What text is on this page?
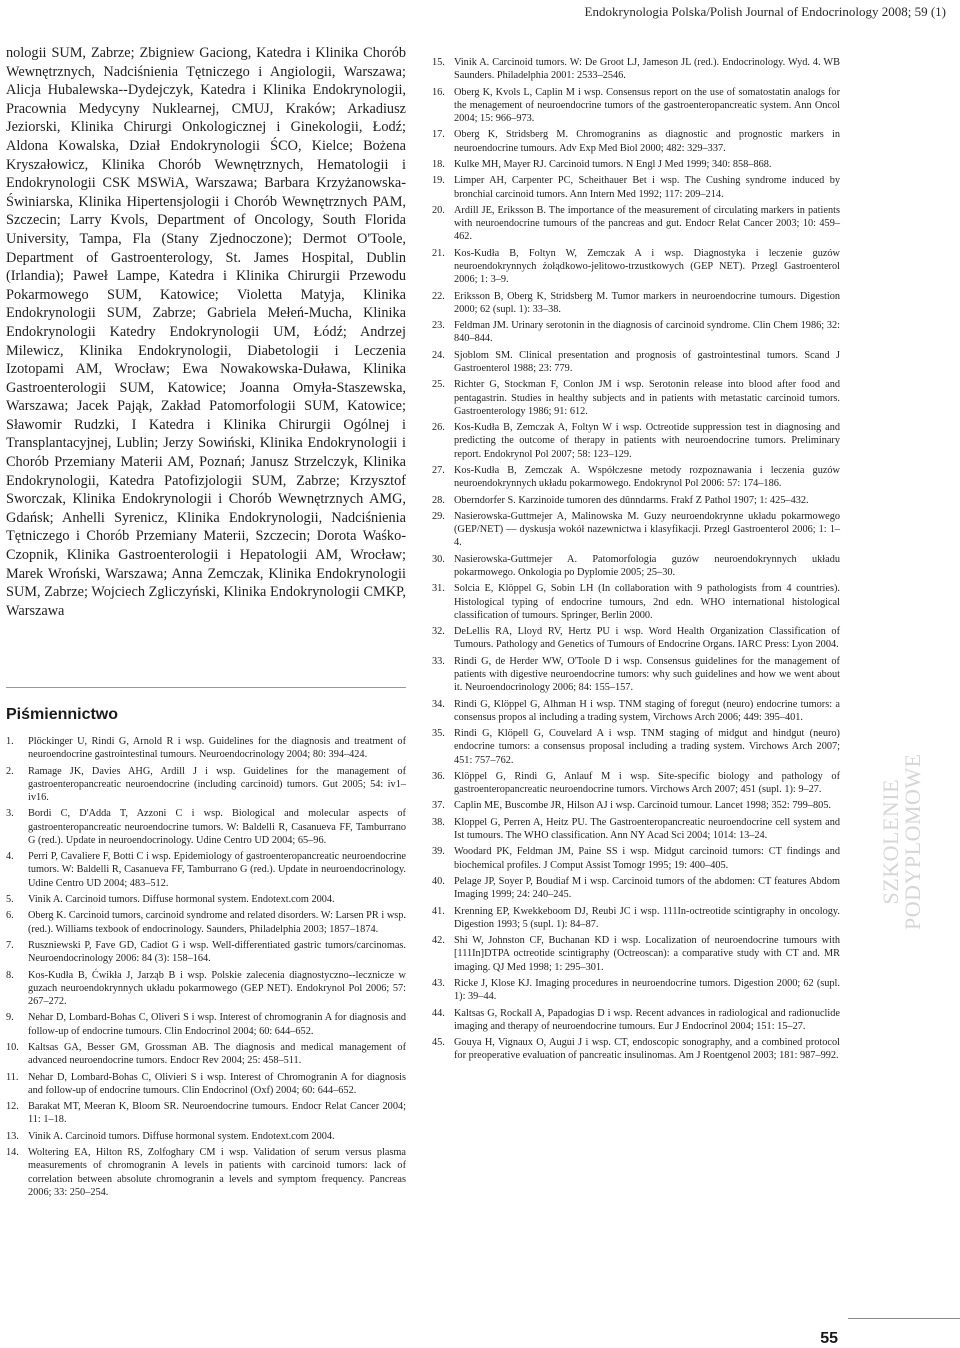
Endokrynologia Polska/Polish Journal of Endocrinology 2008; 59 (1)

nologii SUM, Zabrze; Zbigniew Gaciong, Katedra i Klinika Chorób Wewnętrznych, Nadciśnienia Tętniczego i Angiologii, Warszawa; Alicja Hubalewska--Dydejczyk, Katedra i Klinika Endokrynologii, Pracownia Medycyny Nuklearnej, CMUJ, Kraków; Arkadiusz Jeziorski, Klinika Chirurgi Onkologicznej i Ginekologii, Łodź; Aldona Kowalska, Dział Endokrynologii ŚCO, Kielce; Bożena Kryszałowicz, Klinika Chorób Wewnętrznych, Hematologii i Endokrynologii CSK MSWiA, Warszawa; Barbara Krzyżanowska-Świniarska, Klinika Hipertensjologii i Chorób Wewnętrznych PAM, Szczecin; Larry Kvols, Department of Oncology, South Florida University, Tampa, Fla (Stany Zjednoczone); Dermot O'Toole, Department of Gastroenterology, St. James Hospital, Dublin (Irlandia); Paweł Lampe, Katedra i Klinika Chirurgii Przewodu Pokarmowego SUM, Katowice; Violetta Matyja, Klinika Endokrynologii SUM, Zabrze; Gabriela Mełeń-Mucha, Klinika Endokrynologii Katedry Endokrynologii UM, Łódź; Andrzej Milewicz, Klinika Endokrynologii, Diabetologii i Leczenia Izotopami AM, Wrocław; Ewa Nowakowska-Duława, Klinika Gastroenterologii SUM, Katowice; Joanna Omyła-Staszewska, Warszawa; Jacek Pająk, Zakład Patomorfologii SUM, Katowice; Sławomir Rudzki, I Katedra i Klinika Chirurgii Ogólnej i Transplantacyjnej, Lublin; Jerzy Sowiński, Klinika Endokrynologii i Chorób Przemiany Materii AM, Poznań; Janusz Strzelczyk, Klinika Endokrynologii, Katedra Patofizjologii SUM, Zabrze; Krzysztof Sworczak, Klinika Endokrynologii i Chorób Wewnętrznych AMG, Gdańsk; Anhelli Syrenicz, Klinika Endokrynologii, Nadciśnienia Tętniczego i Chorób Przemiany Materii, Szczecin; Dorota Waśko-Czopnik, Klinika Gastroenterologii i Hepatologii AM, Wrocław; Marek Wroński, Warszawa; Anna Zemczak, Klinika Endokrynologii SUM, Zabrze; Wojciech Zgliczyński, Klinika Endokrynologii CMKP, Warszawa

Piśmiennictwo
1.	Plöckinger U, Rindi G, Arnold R i wsp. Guidelines for the diagnosis and treatment of neuroendocrine gastrointestinal tumours. Neuroendocrinology 2004; 80: 394–424.
2.	Ramage JK, Davies AHG, Ardill J i wsp. Guidelines for the management of gastroenteropancreatic neuroendocrine (including carcinoid) tumors. Gut 2005; 54: iv1–iv16.
3.	Bordi C, D'Adda T, Azzoni C i wsp. Biological and molecular aspects of gastroenteropancreatic neuroendocrine tumors. W: Baldelli R, Casanueva FF, Tamburrano G (red.). Update in neuroendocrinology. Udine Centro UD 2004; 65–96.
4.	Perri P, Cavaliere F, Botti C i wsp. Epidemiology of gastroenteropancreatic neuroendocrine tumors. W: Baldelli R, Casanueva FF, Tamburrano G (red.). Update in neuroendocrinology. Udine Centro UD 2004; 483–512.
5.	Vinik A. Carcinoid tumors. Diffuse hormonal system. Endotext.com 2004.
6.	Oberg K. Carcinoid tumors, carcinoid syndrome and related disorders. W: Larsen PR i wsp. (red.). Williams texbook of endocrinology. Saunders, Philadelphia 2003; 1857–1874.
7.	Ruszniewski P, Fave GD, Cadiot G i wsp. Well-differentiated gastric tumors/carcinomas. Neuroendocrinology 2006: 84 (3): 158–164.
8.	Kos-Kudła B, Ćwikła J, Jarząb B i wsp. Polskie zalecenia diagnostyczno--lecznicze w guzach neuroendokrynnych układu pokarmowego (GEP NET). Endokrynol Pol 2006; 57: 267–272.
9.	Nehar D, Lombard-Bohas C, Oliveri S i wsp. Interest of chromogranin A for diagnosis and follow-up of endocrine tumours. Clin Endocrinol 2004; 60: 644–652.
10. Kaltsas GA, Besser GM, Grossman AB. The diagnosis and medical management of advanced neuroendocrine tumors. Endocr Rev 2004; 25: 458–511.
11. Nehar D, Lombard-Bohas C, Olivieri S i wsp. Interest of Chromogranin A for diagnosis and follow-up of endocrine tumours. Clin Endocrinol (Oxf) 2004; 60: 644–652.
12. Barakat MT, Meeran K, Bloom SR. Neuroendocrine tumours. Endocr Relat Cancer 2004; 11: 1–18.
13. Vinik A. Carcinoid tumors. Diffuse hormonal system. Endotext.com 2004.
14. Woltering EA, Hilton RS, Zolfoghary CM i wsp. Validation of serum versus plasma measurements of chromogranin A levels in patients with carcinoid tumors: lack of correlation between absolute chromogranin a levels and symptom frequency. Pancreas 2006; 33: 250–254.
15. Vinik A. Carcinoid tumors. W: De Groot LJ, Jameson JL (red.). Endocrinology. Wyd. 4. WB Saunders. Philadelphia 2001: 2533–2546.
16. Oberg K, Kvols L, Caplin M i wsp. Consensus report on the use of somatostatin analogs for the menagement of neuroendocrine tumors of the gastroenteropancreatic system. Ann Oncol 2004; 15: 966–973.
17. Oberg K, Stridsberg M. Chromogranins as diagnostic and prognostic markers in neuroendocrine tumours. Adv Exp Med Biol 2000; 482: 329–337.
18. Kulke MH, Mayer RJ. Carcinoid tumors. N Engl J Med 1999; 340: 858–868.
19. Limper AH, Carpenter PC, Scheithauer Bet i wsp. The Cushing syndrome induced by bronchial carcinoid tumors. Ann Intern Med 1992; 117: 209–214.
20. Ardill JE, Eriksson B. The importance of the measurement of circulating markers in patients with neuroendocrine tumours of the pancreas and gut. Endocr Relat Cancer 2003; 10: 459–462.
21. Kos-Kudła B, Foltyn W, Zemczak A i wsp. Diagnostyka i leczenie guzów neuroendokrynnych żołądkowo-jelitowo-trzustkowych (GEP NET). Przegl Gastroenterol 2006; 1: 3–9.
22. Eriksson B, Oberg K, Stridsberg M. Tumor markers in neuroendocrine tumours. Digestion 2000; 62 (supl. 1): 33–38.
23. Feldman JM. Urinary serotonin in the diagnosis of carcinoid syndrome. Clin Chem 1986; 32: 840–844.
24. Sjoblom SM. Clinical presentation and prognosis of gastrointestinal tumors. Scand J Gastroenterol 1988; 23: 779.
25. Richter G, Stockman F, Conlon JM i wsp. Serotonin release into blood after food and pentagastrin. Studies in healthy subjects and in patients with metastatic carcinoid tumors. Gastroenterology 1986; 91: 612.
26. Kos-Kudła B, Zemczak A, Foltyn W i wsp. Octreotide suppression test in diagnosing and predicting the outcome of therapy in patients with neuroendocrine tumors. Preliminary report. Endokrynol Pol 2007; 58: 123–129.
27. Kos-Kudła B, Zemczak A. Współczesne metody rozpoznawania i leczenia guzów neuroendokrynnych układu pokarmowego. Endokrynol Pol 2006: 57: 174–186.
28. Oberndorfer S. Karzinoide tumoren des dûnndarms. Frakf Z Pathol 1907; 1: 425–432.
29. Nasierowska-Guttmejer A, Malinowska M. Guzy neuroendokrynne układu pokarmowego (GEP/NET) — dyskusja wokół nazewnictwa i klasyfikacji. Przegl Gastroenterol 2006; 1: 1–4.
30. Nasierowska-Guttmejer A. Patomorfologia guzów neuroendokrynnych układu pokarmowego. Onkologia po Dyplomie 2005; 25–30.
31. Solcia E, Klöppel G, Sobin LH (In collaboration with 9 pathologists from 4 countries). Histological typing of endocrine tumours, 2nd edn. WHO international histological classification of tumours. Springer, Berlin 2000.
32. DeLellis RA, Lloyd RV, Hertz PU i wsp. Word Health Organization Classification of Tumours. Pathology and Genetics of Tumours of Endocrine Organs. IARC Press: Lyon 2004.
33. Rindi G, de Herder WW, O'Toole D i wsp. Consensus guidelines for the management of patients with digestive neuroendocrine tumors: why such guidelines and how we went about it. Neuroendocrinology 2006; 84: 155–157.
34. Rindi G, Klöppel G, Alhman H i wsp. TNM staging of foregut (neuro) endocrine tumors: a consensus propos al including a trading system, Virchows Arch 2006; 449: 395–401.
35. Rindi G, Klöpell G, Couvelard A i wsp. TNM staging of midgut and hindgut (neuro) endocrine tumors: a consensus proposal including a trading system. Virchows Arch 2007; 451: 757–762.
36. Klöppel G, Rindi G, Anlauf M i wsp. Site-specific biology and pathology of gastroenteropancreatic neuroendocrine tumors. Virchows Arch 2007; 451 (supl. 1): 9–27.
37. Caplin ME, Buscombe JR, Hilson AJ i wsp. Carcinoid tumour. Lancet 1998; 352: 799–805.
38. Kloppel G, Perren A, Heitz PU. The Gastroenteropancreatic neuroendocrine cell system and Ist tumours. The WHO classification. Ann NY Acad Sci 2004; 1014: 13–24.
39. Woodard PK, Feldman JM, Paine SS i wsp. Midgut carcinoid tumors: CT findings and biochemical profiles. J Comput Assist Tomogr 1995; 19: 400–405.
40. Pelage JP, Soyer P, Boudiaf M i wsp. Carcinoid tumors of the abdomen: CT features Abdom Imaging 1999; 24: 240–245.
41. Krenning EP, Kwekkeboom DJ, Reubi JC i wsp. 111In-octreotide scintigraphy in oncology. Digestion 1993; 5 (supl. 1): 84–87.
42. Shi W, Johnston CF, Buchanan KD i wsp. Localization of neuroendocrine tumours with [111In]DTPA octreotide scintigraphy (Octreoscan): a comparative study with CT and. MR imaging. QJ Med 1998; 1: 295–301.
43. Ricke J, Klose KJ. Imaging procedures in neuroendocrine tumors. Digestion 2000; 62 (supl. 1): 39–44.
44. Kaltsas G, Rockall A, Papadogias D i wsp. Recent advances in radiological and radionuclide imaging and therapy of neuroendocrine tumours. Eur J Endocrinol 2004; 151: 15–27.
45. Gouya H, Vignaux O, Augui J i wsp. CT, endoscopic sonography, and a combined protocol for preoperative evaluation of pancreatic insulinomas. Am J Roentgenol 2003; 181: 987–992.
SZKOLENIE
PODYPLOMOWE
55
